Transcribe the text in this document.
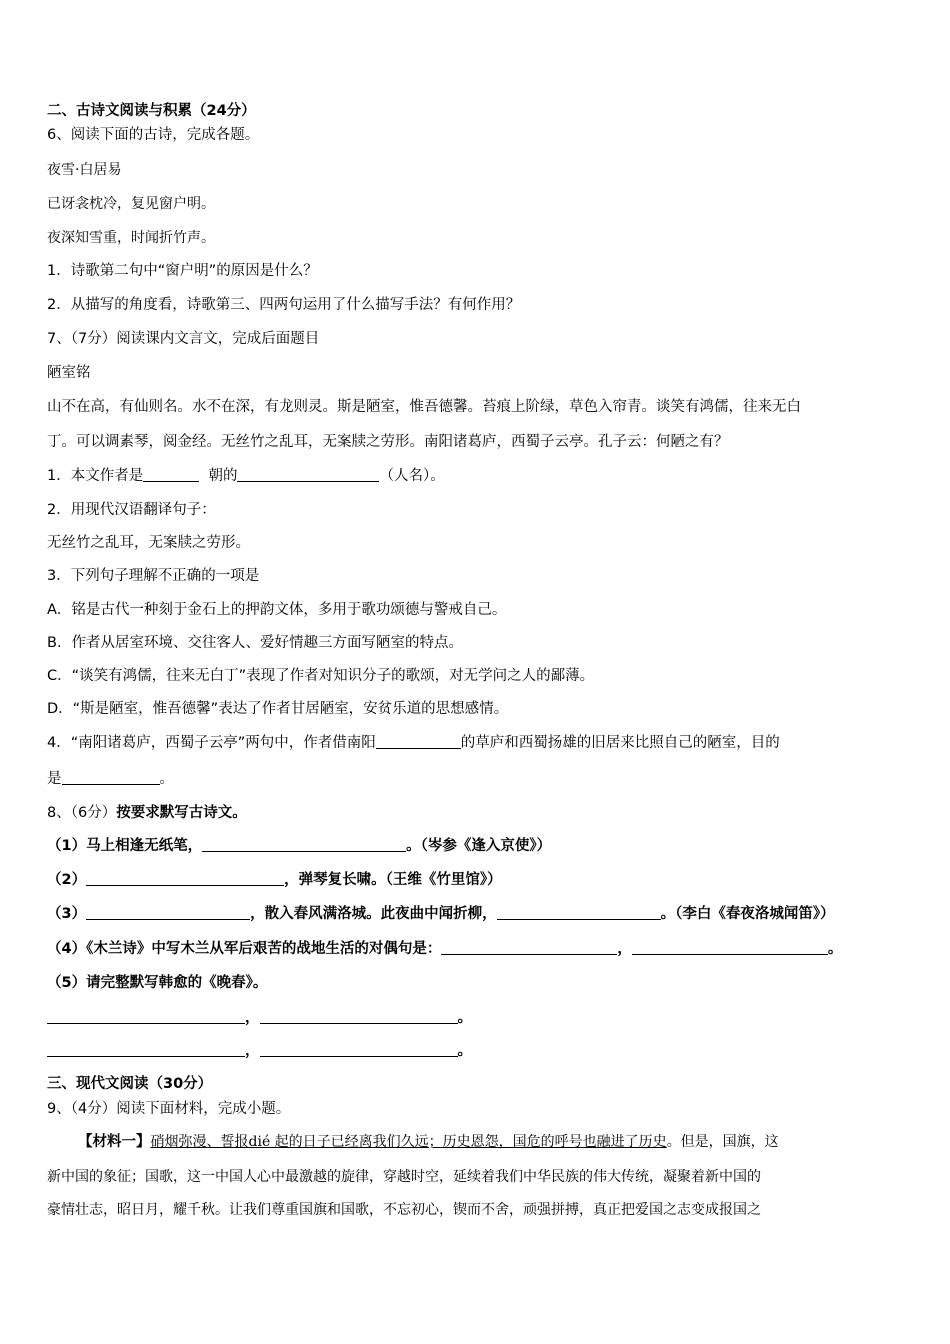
二、古诗文阅读与积累（24分）
6、阅读下面的古诗，完成各题。
夜雪·白居易
已讶衾枕冷，复见窗户明。
夜深知雪重，时闻折竹声。
1．诗歌第二句中“窗户明”的原因是什么？
2．从描写的角度看，诗歌第三、四两句运用了什么描写手法？有何作用？
7、（7分）阅读课内文言文，完成后面题目
陋室铭
山不在高，有仙则名。水不在深，有龙则灵。斯是陋室，惟吾德馨。苔痕上阶绿，草色入帘青。谈笑有鸿儒，往来无白
丁。可以调素琴，阅金经。无丝竹之乱耳，无案牍之劳形。南阳诸葛庐，西蜀子云亭。孔子云：何陋之有？
1．本文作者是	朝的	（人名）。
2．用现代汉语翻译句子：
无丝竹之乱耳，无案牍之劳形。
3．下列句子理解不正确的一项是
A．铭是古代一种刻于金石上的押韵文体，多用于歌功颂德与警戒自己。
B．作者从居室环境、交往客人、爱好情趣三方面写陋室的特点。
C．“谈笑有鸿儒，往来无白丁”表现了作者对知识分子的歌颂，对无学问之人的鄙薄。
D．“斯是陋室，惟吾德馨”表达了作者甘居陋室，安贫乐道的思想感情。
4．“南阳诸葛庐，西蜀子云亭”两句中，作者借南阳	的草庐和西蜀扬雄的旧居来比照自己的陋室，目的
是	。
8、（6分）按要求默写古诗文。
（1）马上相逢无纸笔，	。（岑参《逢入京使》）
（2）	，弹琴复长啸。（王维《竹里馆》）
（3）	，散入春风满洛城。此夜曲中闻折柳，	。（李白《春夜洛城闻笛》）
（4）《木兰诗》中写木兰从军后艰苦的战地生活的对偶句是：	，	。
（5）请完整默写韩愈的《晚春》。
，	。
，	。
三、现代文阅读（30分）
9、（4分）阅读下面材料，完成小题。
【材料一】硝烟弥漫、誓报dié 起的日子已经离我们久远；历史恩怨，国危的呼号也融进了历史。但是，国旗，这
新中国的象征；国歌，这一中国人心中最激越的旋律，穿越时空，延续着我们中华民族的伟大传统，凝聚着新中国的
豪情壮志，昭日月，耀千秋。让我们尊重国旗和国歌，不忘初心，锲而不舍，顽强拼搏，真正把爱国之志变成报国之
